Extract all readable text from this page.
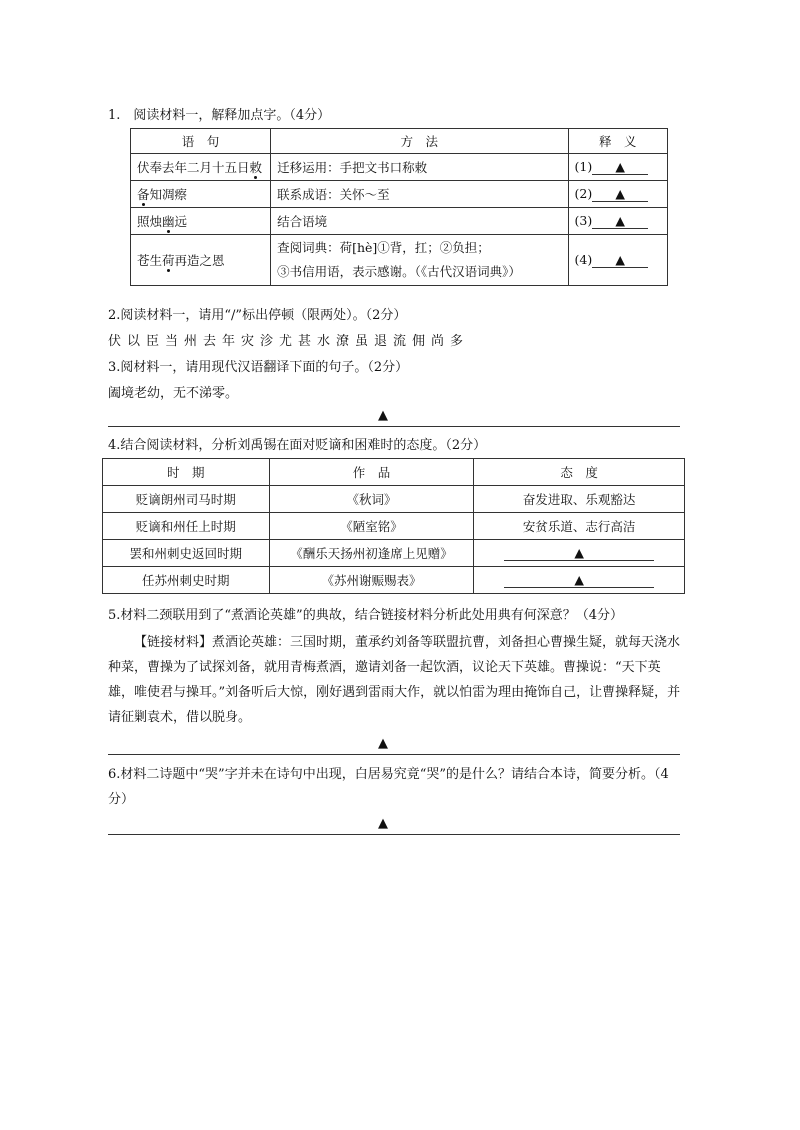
1.　阅读材料一，解释加点字。（4分）
语　句	方　法	释　义
伏奉去年二月十五日敕	迁移运用：手把文书口称敕	(1) ▲
备知凋瘵	联系成语：关怀～至	(2) ▲
照烛幽远	结合语境	(3) ▲
苍生荷再造之恩	查阅词典：荷[hè]①背，扛；②负担；
③书信用语，表示感谢。（《古代汉语词典》）	(4) ▲
2.阅读材料一，请用“/”标出停顿（限两处）。（2分）
伏以臣当州去年灾沴尤甚水潦虽退流佣尚多
3.阅材料一，请用现代汉语翻译下面的句子。（2分）
阖境老幼，无不涕零。
▲
4.结合阅读材料，分析刘禹锡在面对贬谪和困难时的态度。（2分）
时　期	作　品	态　度
贬谪朗州司马时期	《秋词》	奋发进取、乐观豁达
贬谪和州任上时期	《陋室铭》	安贫乐道、志行高洁
罢和州刺史返回时期	《酬乐天扬州初逢席上见赠》	▲
任苏州刺史时期	《苏州谢赈赐表》	▲
5.材料二颈联用到了“煮酒论英雄”的典故，结合链接材料分析此处用典有何深意？（4分）
【链接材料】煮酒论英雄：三国时期，董承约刘备等联盟抗曹，刘备担心曹操生疑，就每天浇水种菜，曹操为了试探刘备，就用青梅煮酒，邀请刘备一起饮酒，议论天下英雄。曹操说：“天下英雄，唯使君与操耳。”刘备听后大惊，刚好遇到雷雨大作，就以怕雷为理由掩饰自己，让曹操释疑，并请征剿袁术，借以脱身。
▲
6.材料二诗题中“哭”字并未在诗句中出现，白居易究竟“哭”的是什么？请结合本诗，简要分析。（4分）
▲
